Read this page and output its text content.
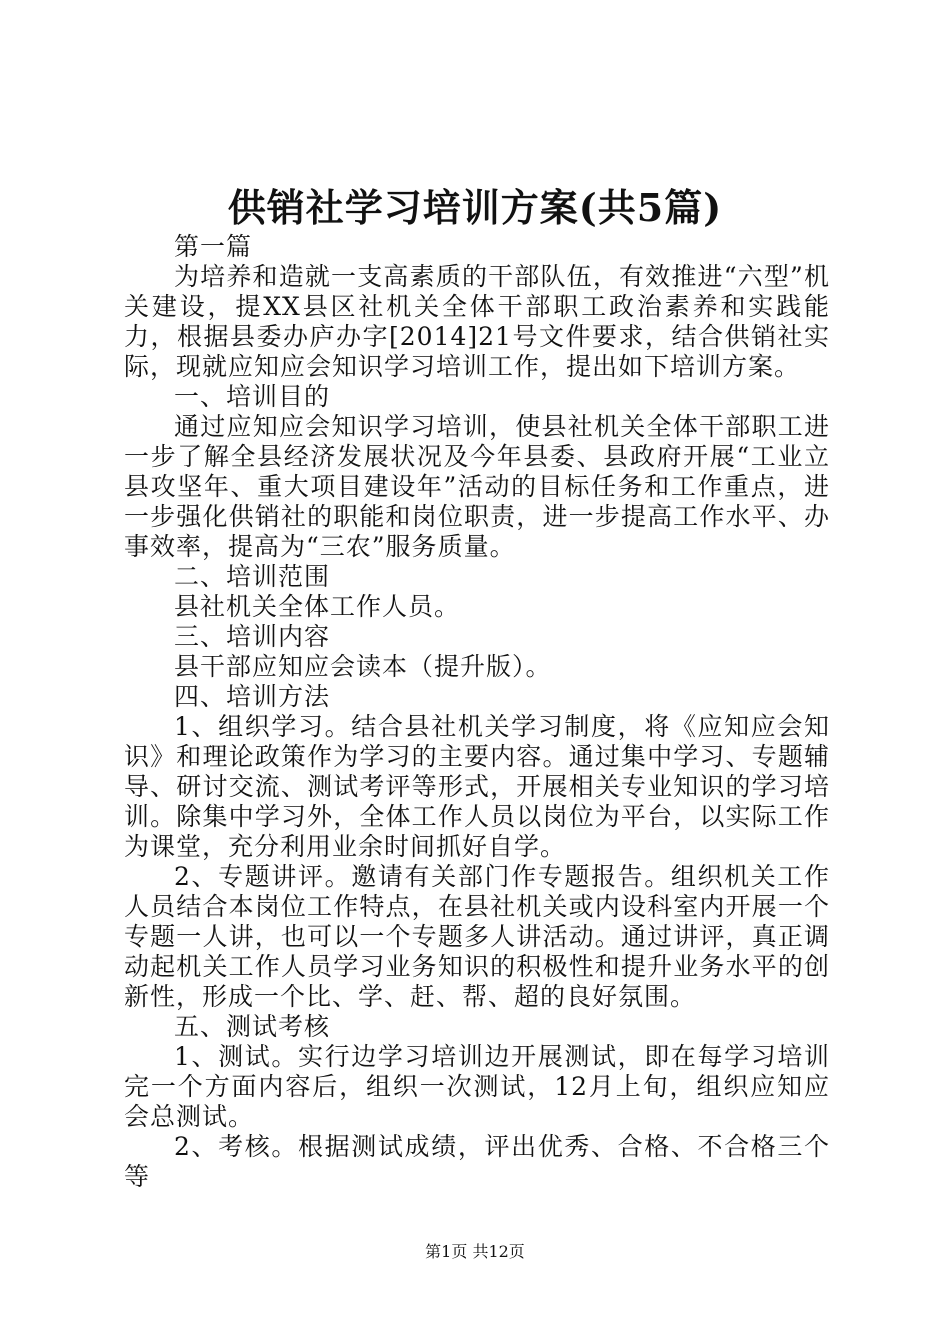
供销社学习培训方案(共5篇)

第一篇

为培养和造就一支高素质的干部队伍，有效推进“六型”机关建设，提XX县区社机关全体干部职工政治素养和实践能力，根据县委办庐办字[2014]21号文件要求，结合供销社实际，现就应知应会知识学习培训工作，提出如下培训方案。

一、培训目的

通过应知应会知识学习培训，使县社机关全体干部职工进一步了解全县经济发展状况及今年县委、县政府开展“工业立县攻坚年、重大项目建设年”活动的目标任务和工作重点，进一步强化供销社的职能和岗位职责，进一步提高工作水平、办事效率，提高为“三农”服务质量。

二、培训范围

县社机关全体工作人员。

三、培训内容

县干部应知应会读本（提升版）。

四、培训方法

1、组织学习。结合县社机关学习制度，将《应知应会知识》和理论政策作为学习的主要内容。通过集中学习、专题辅导、研讨交流、测试考评等形式，开展相关专业知识的学习培训。除集中学习外，全体工作人员以岗位为平台，以实际工作为课堂，充分利用业余时间抓好自学。

2、专题讲评。邀请有关部门作专题报告。组织机关工作人员结合本岗位工作特点，在县社机关或内设科室内开展一个专题一人讲，也可以一个专题多人讲活动。通过讲评，真正调动起机关工作人员学习业务知识的积极性和提升业务水平的创新性，形成一个比、学、赶、帮、超的良好氛围。

五、测试考核

1、测试。实行边学习培训边开展测试，即在每学习培训完一个方面内容后，组织一次测试，12月上旬，组织应知应会总测试。

2、考核。根据测试成绩，评出优秀、合格、不合格三个等

第1页 共12页
